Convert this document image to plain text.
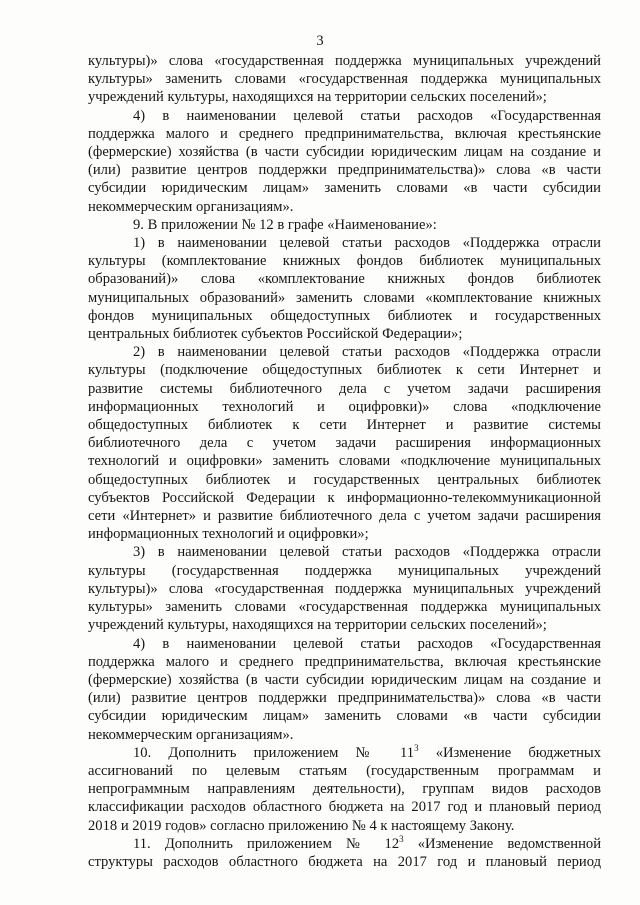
3
культуры)» слова «государственная поддержка муниципальных учреждений
культуры» заменить словами «государственная поддержка муниципальных
учреждений культуры, находящихся на территории сельских поселений»;
4) в наименовании целевой статьи расходов «Государственная
поддержка малого и среднего предпринимательства, включая крестьянские
(фермерские) хозяйства (в части субсидии юридическим лицам на создание и
(или) развитие центров поддержки предпринимательства)» слова «в части
субсидии юридическим лицам» заменить словами «в части субсидии
некоммерческим организациям».
9. В приложении № 12 в графе «Наименование»:
1) в наименовании целевой статьи расходов «Поддержка отрасли
культуры (комплектование книжных фондов библиотек муниципальных
образований)» слова «комплектование книжных фондов библиотек
муниципальных образований» заменить словами «комплектование книжных
фондов муниципальных общедоступных библиотек и государственных
центральных библиотек субъектов Российской Федерации»;
2) в наименовании целевой статьи расходов «Поддержка отрасли
культуры (подключение общедоступных библиотек к сети Интернет и
развитие системы библиотечного дела с учетом задачи расширения
информационных технологий и оцифровки)» слова «подключение
общедоступных библиотек к сети Интернет и развитие системы
библиотечного дела с учетом задачи расширения информационных
технологий и оцифровки» заменить словами «подключение муниципальных
общедоступных библиотек и государственных центральных библиотек
субъектов Российской Федерации к информационно-телекоммуникационной
сети «Интернет» и развитие библиотечного дела с учетом задачи расширения
информационных технологий и оцифровки»;
3) в наименовании целевой статьи расходов «Поддержка отрасли
культуры (государственная поддержка муниципальных учреждений
культуры)» слова «государственная поддержка муниципальных учреждений
культуры» заменить словами «государственная поддержка муниципальных
учреждений культуры, находящихся на территории сельских поселений»;
4) в наименовании целевой статьи расходов «Государственная
поддержка малого и среднего предпринимательства, включая крестьянские
(фермерские) хозяйства (в части субсидии юридическим лицам на создание и
(или) развитие центров поддержки предпринимательства)» слова «в части
субсидии юридическим лицам» заменить словами «в части субсидии
некоммерческим организациям».
10. Дополнить приложением № $11^3$ «Изменение бюджетных
ассигнований по целевым статьям (государственным программам и
непрограммным направлениям деятельности), группам видов расходов
классификации расходов областного бюджета на 2017 год и плановый период
2018 и 2019 годов» согласно приложению № 4 к настоящему Закону.
11. Дополнить приложением № $12^3$ «Изменение ведомственной
структуры расходов областного бюджета на 2017 год и плановый период
